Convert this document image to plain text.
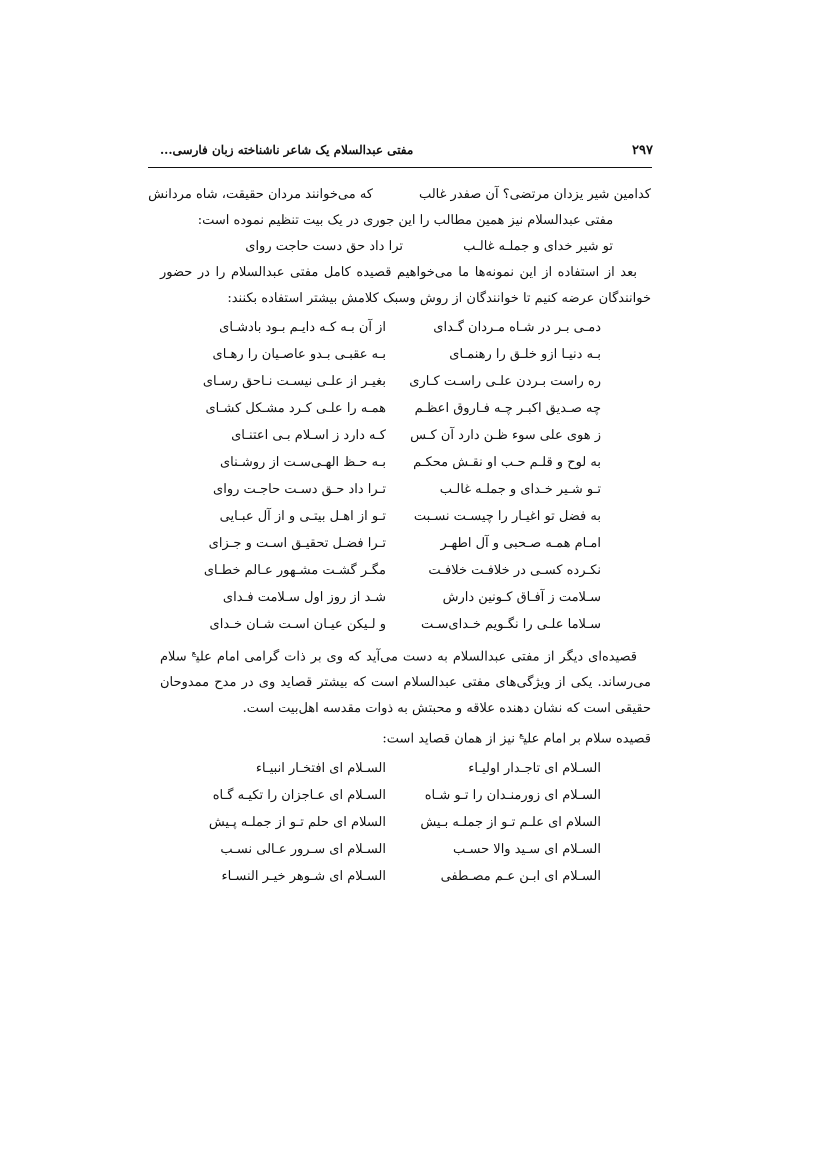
۲۹۷
مفتی عبدالسلام یک شاعر ناشناخته زبان فارسی...
کدامین شیر یزدان مرتضی؟ آن صفدر غالب
که می‌خوانند مردان حقیقت، شاه مردانش

مفتی عبدالسلام نیز همین مطالب را این جوری در یک بیت تنظیم نموده است:

تو شیر خدای و جملـه غالـب
ترا داد حق دست حاجت روای

بعد از استفاده از این نمونه‌ها ما می‌خواهیم قصیده کامل مفتی عبدالسلام را در حضور خوانندگان عرضه کنیم تا خوانندگان از روش وسبک کلامش بیشتر استفاده بکنند:

دمـی بـر در شـاه مـردان گـدای
از آن بـه کـه دایـم بـود بادشـای
بـه دنیـا ازو خلـق را رهنمـای
بـه عقبـی بـدو عاصـیان را رهـای
ره راست بـردن علـی راسـت کـاری
بغیـر از علـی نیسـت نـاحق رسـای
چه صـدیق اکبـر چـه فـاروق اعظـم
همـه را علـی کـرد مشـکل کشـای
ز هوی علی سوء ظـن دارد آن کـس
کـه دارد ز اسـلام بـی اعتنـای
به لوح و قلـم حـب او نقـش محکـم
بـه حـظ الهـی‌سـت از روشـنای
تـو شـیر خـدای و جملـه غالـب
تـرا داد حـق دسـت حاجـت روای
به فضل تو اغیـار را چیسـت نسـبت
تـو از اهـل بیتـی و از آل عبـایی
امـام همـه صـحبی و آل اطهـر
تـرا فضـل تحقیـق اسـت و جـزای
نکـرده کسـی در خلافـت خلافـت
مگـر گشـت مشـهور عـالم خطـای
سـلامت ز آفـاق کـونین دارش
شـد از روز اول سـلامت فـدای
سـلاما علـی را نگـویم خـدای‌سـت
و لـیکن عیـان اسـت شـان خـدای

قصیده‌ای دیگر از مفتی عبدالسلام به دست می‌آید که وی بر ذات گرامی امام علی$^ع$ سلام می‌رساند. یکی از ویژگی‌های مفتی عبدالسلام است که بیشتر قصاید وی در مدح ممدوحان حقیقی است که نشان دهنده علاقه و محبتش به ذوات مقدسه اهل‌بیت است.

قصیده سلام بر امام علی$^ع$ نیز از همان قصاید است:

السـلام ای تاجـدار اولیـاء
السـلام ای افتخـار انبیـاء
السـلام ای زورمنـدان را تـو شـاه
السـلام ای عـاجزان را تکیـه گـاه
السلام ای علـم تـو از جملـه بـیش
السلام ای حلم تـو از جملـه پـیش
السـلام ای سـید والا حسـب
السـلام ای سـرور عـالی نسـب
السـلام ای ابـن عـم مصـطفی
السـلام ای شـوهر خیـر النسـاء
